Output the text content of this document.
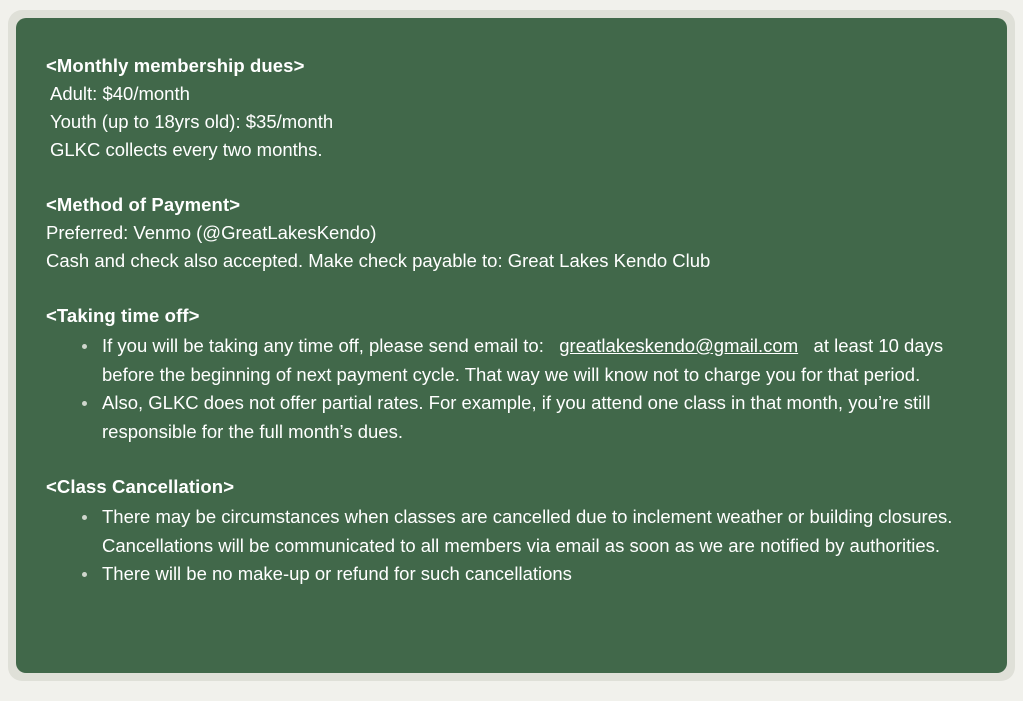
<Monthly membership dues>
Adult: $40/month
Youth (up to 18yrs old): $35/month
GLKC collects every two months.
<Method of Payment>
Preferred: Venmo (@GreatLakesKendo)
Cash and check also accepted. Make check payable to: Great Lakes Kendo Club
<Taking time off>
If you will be taking any time off, please send email to: greatlakeskendo@gmail.com at least 10 days before the beginning of next payment cycle. That way we will know not to charge you for that period.
Also, GLKC does not offer partial rates. For example, if you attend one class in that month, you’re still responsible for the full month’s dues.
<Class Cancellation>
There may be circumstances when classes are cancelled due to inclement weather or building closures. Cancellations will be communicated to all members via email as soon as we are notified by authorities.
There will be no make-up or refund for such cancellations
